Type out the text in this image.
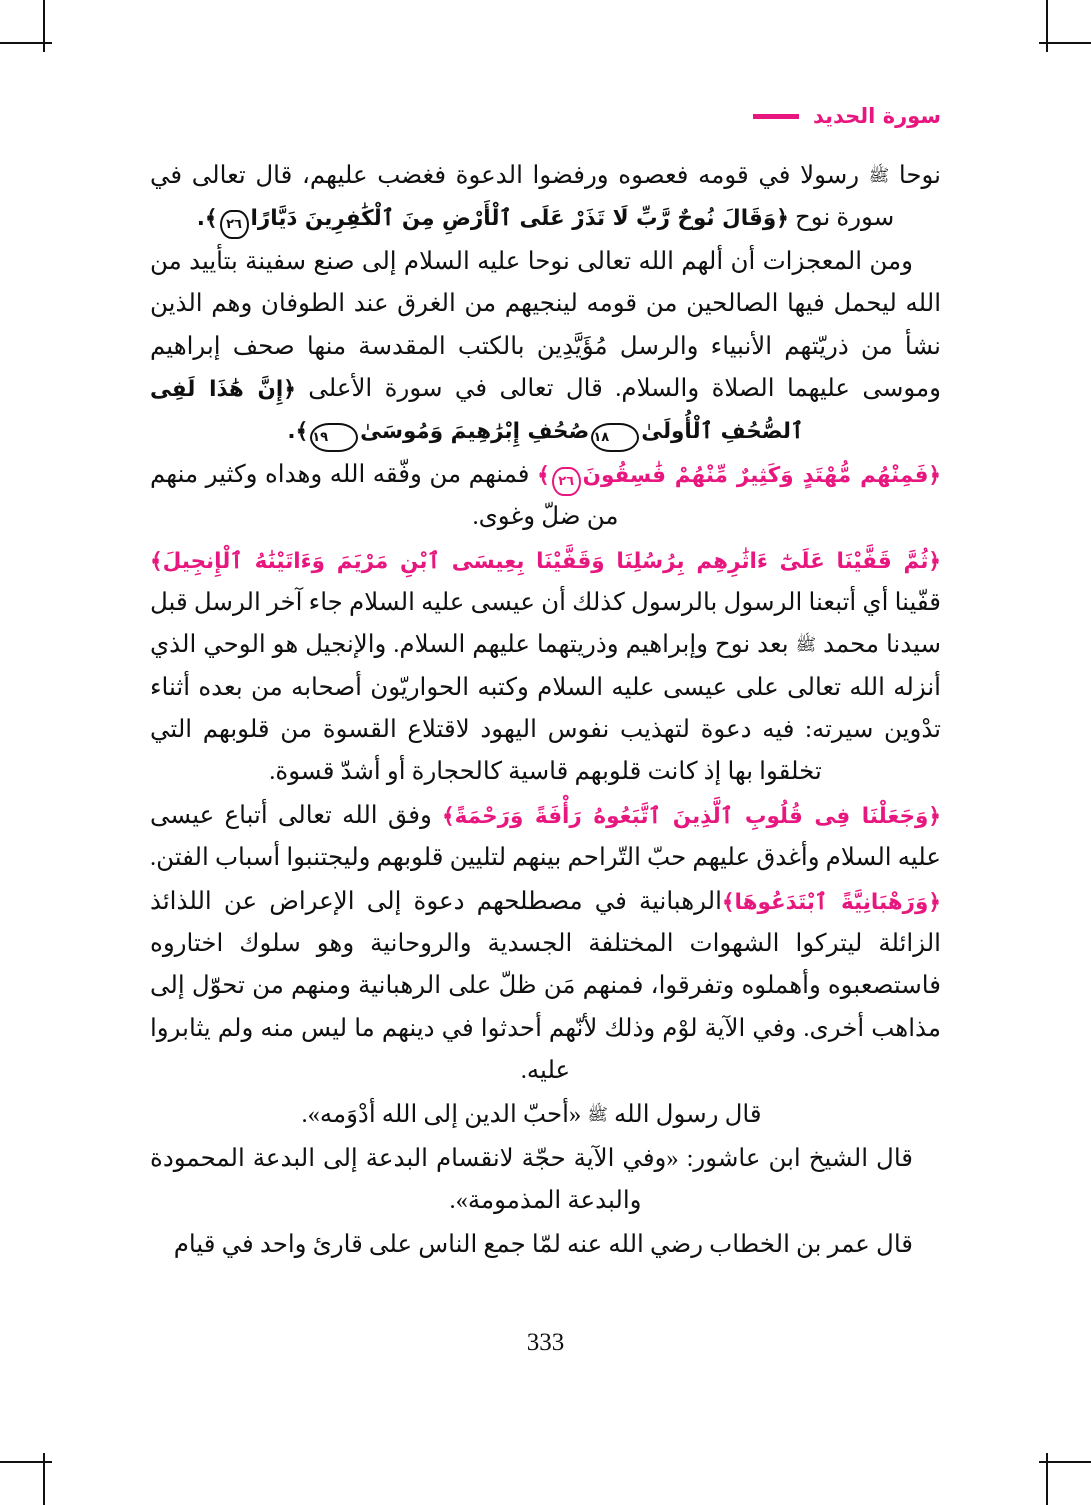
سورة الحديد

نوحا ﷺ رسولا في قومه فعصوه ورفضوا الدعوة فغضب عليهم، قال تعالى في سورة نوح ﴿وَقَالَ نُوحٌ رَّبِّ لَا تَذَرْ عَلَى ٱلْأَرْضِ مِنَ ٱلْكَٰفِرِينَ دَيَّارًا٢٦﴾.

ومن المعجزات أن ألهم الله تعالى نوحا عليه السلام إلى صنع سفينة بتأييد من الله ليحمل فيها الصالحين من قومه لينجيهم من الغرق عند الطوفان وهم الذين نشأ من ذريّتهم الأنبياء والرسل مُؤَيَّدِين بالكتب المقدسة منها صحف إبراهيم وموسى عليهما الصلاة والسلام. قال تعالى في سورة الأعلى ﴿إِنَّ هَٰذَا لَفِى ٱلصُّحُفِ ٱلْأُولَىٰ١٨صُحُفِ إِبْرَٰهِيمَ وَمُوسَىٰ١٩﴾.

﴿فَمِنْهُم مُّهْتَدٍ وَكَثِيرٌ مِّنْهُمْ فَٰسِقُونَ٢٦﴾ فمنهم من وفّقه الله وهداه وكثير منهم من ضلّ وغوى.

﴿ثُمَّ قَفَّيْنَا عَلَىٰٓ ءَاثَٰرِهِم بِرُسُلِنَا وَقَفَّيْنَا بِعِيسَى ٱبْنِ مَرْيَمَ وَءَاتَيْنَٰهُ ٱلْإِنجِيلَ﴾ قفّينا أي أتبعنا الرسول بالرسول كذلك أن عيسى عليه السلام جاء آخر الرسل قبل سيدنا محمد ﷺ بعد نوح وإبراهيم وذريتهما عليهم السلام. والإنجيل هو الوحي الذي أنزله الله تعالى على عيسى عليه السلام وكتبه الحواريّون أصحابه من بعده أثناء تدْوين سيرته: فيه دعوة لتهذيب نفوس اليهود لاقتلاع القسوة من قلوبهم التي تخلقوا بها إذ كانت قلوبهم قاسية كالحجارة أو أشدّ قسوة.

﴿وَجَعَلْنَا فِى قُلُوبِ ٱلَّذِينَ ٱتَّبَعُوهُ رَأْفَةً وَرَحْمَةً﴾ وفق الله تعالى أتباع عيسى عليه السلام وأغدق عليهم حبّ التّراحم بينهم لتليين قلوبهم وليجتنبوا أسباب الفتن.

﴿وَرَهْبَانِيَّةً ٱبْتَدَعُوهَا﴾الرهبانية في مصطلحهم دعوة إلى الإعراض عن اللذائذ الزائلة ليتركوا الشهوات المختلفة الجسدية والروحانية وهو سلوك اختاروه فاستصعبوه وأهملوه وتفرقوا، فمنهم مَن ظلّ على الرهبانية ومنهم من تحوّل إلى مذاهب أخرى. وفي الآية لوْم وذلك لأنّهم أحدثوا في دينهم ما ليس منه ولم يثابروا عليه.

قال رسول الله ﷺ «أحبّ الدين إلى الله أدْوَمه».

قال الشيخ ابن عاشور: «وفي الآية حجّة لانقسام البدعة إلى البدعة المحمودة والبدعة المذمومة».

قال عمر بن الخطاب رضي الله عنه لمّا جمع الناس على قارئ واحد في قيام

333
